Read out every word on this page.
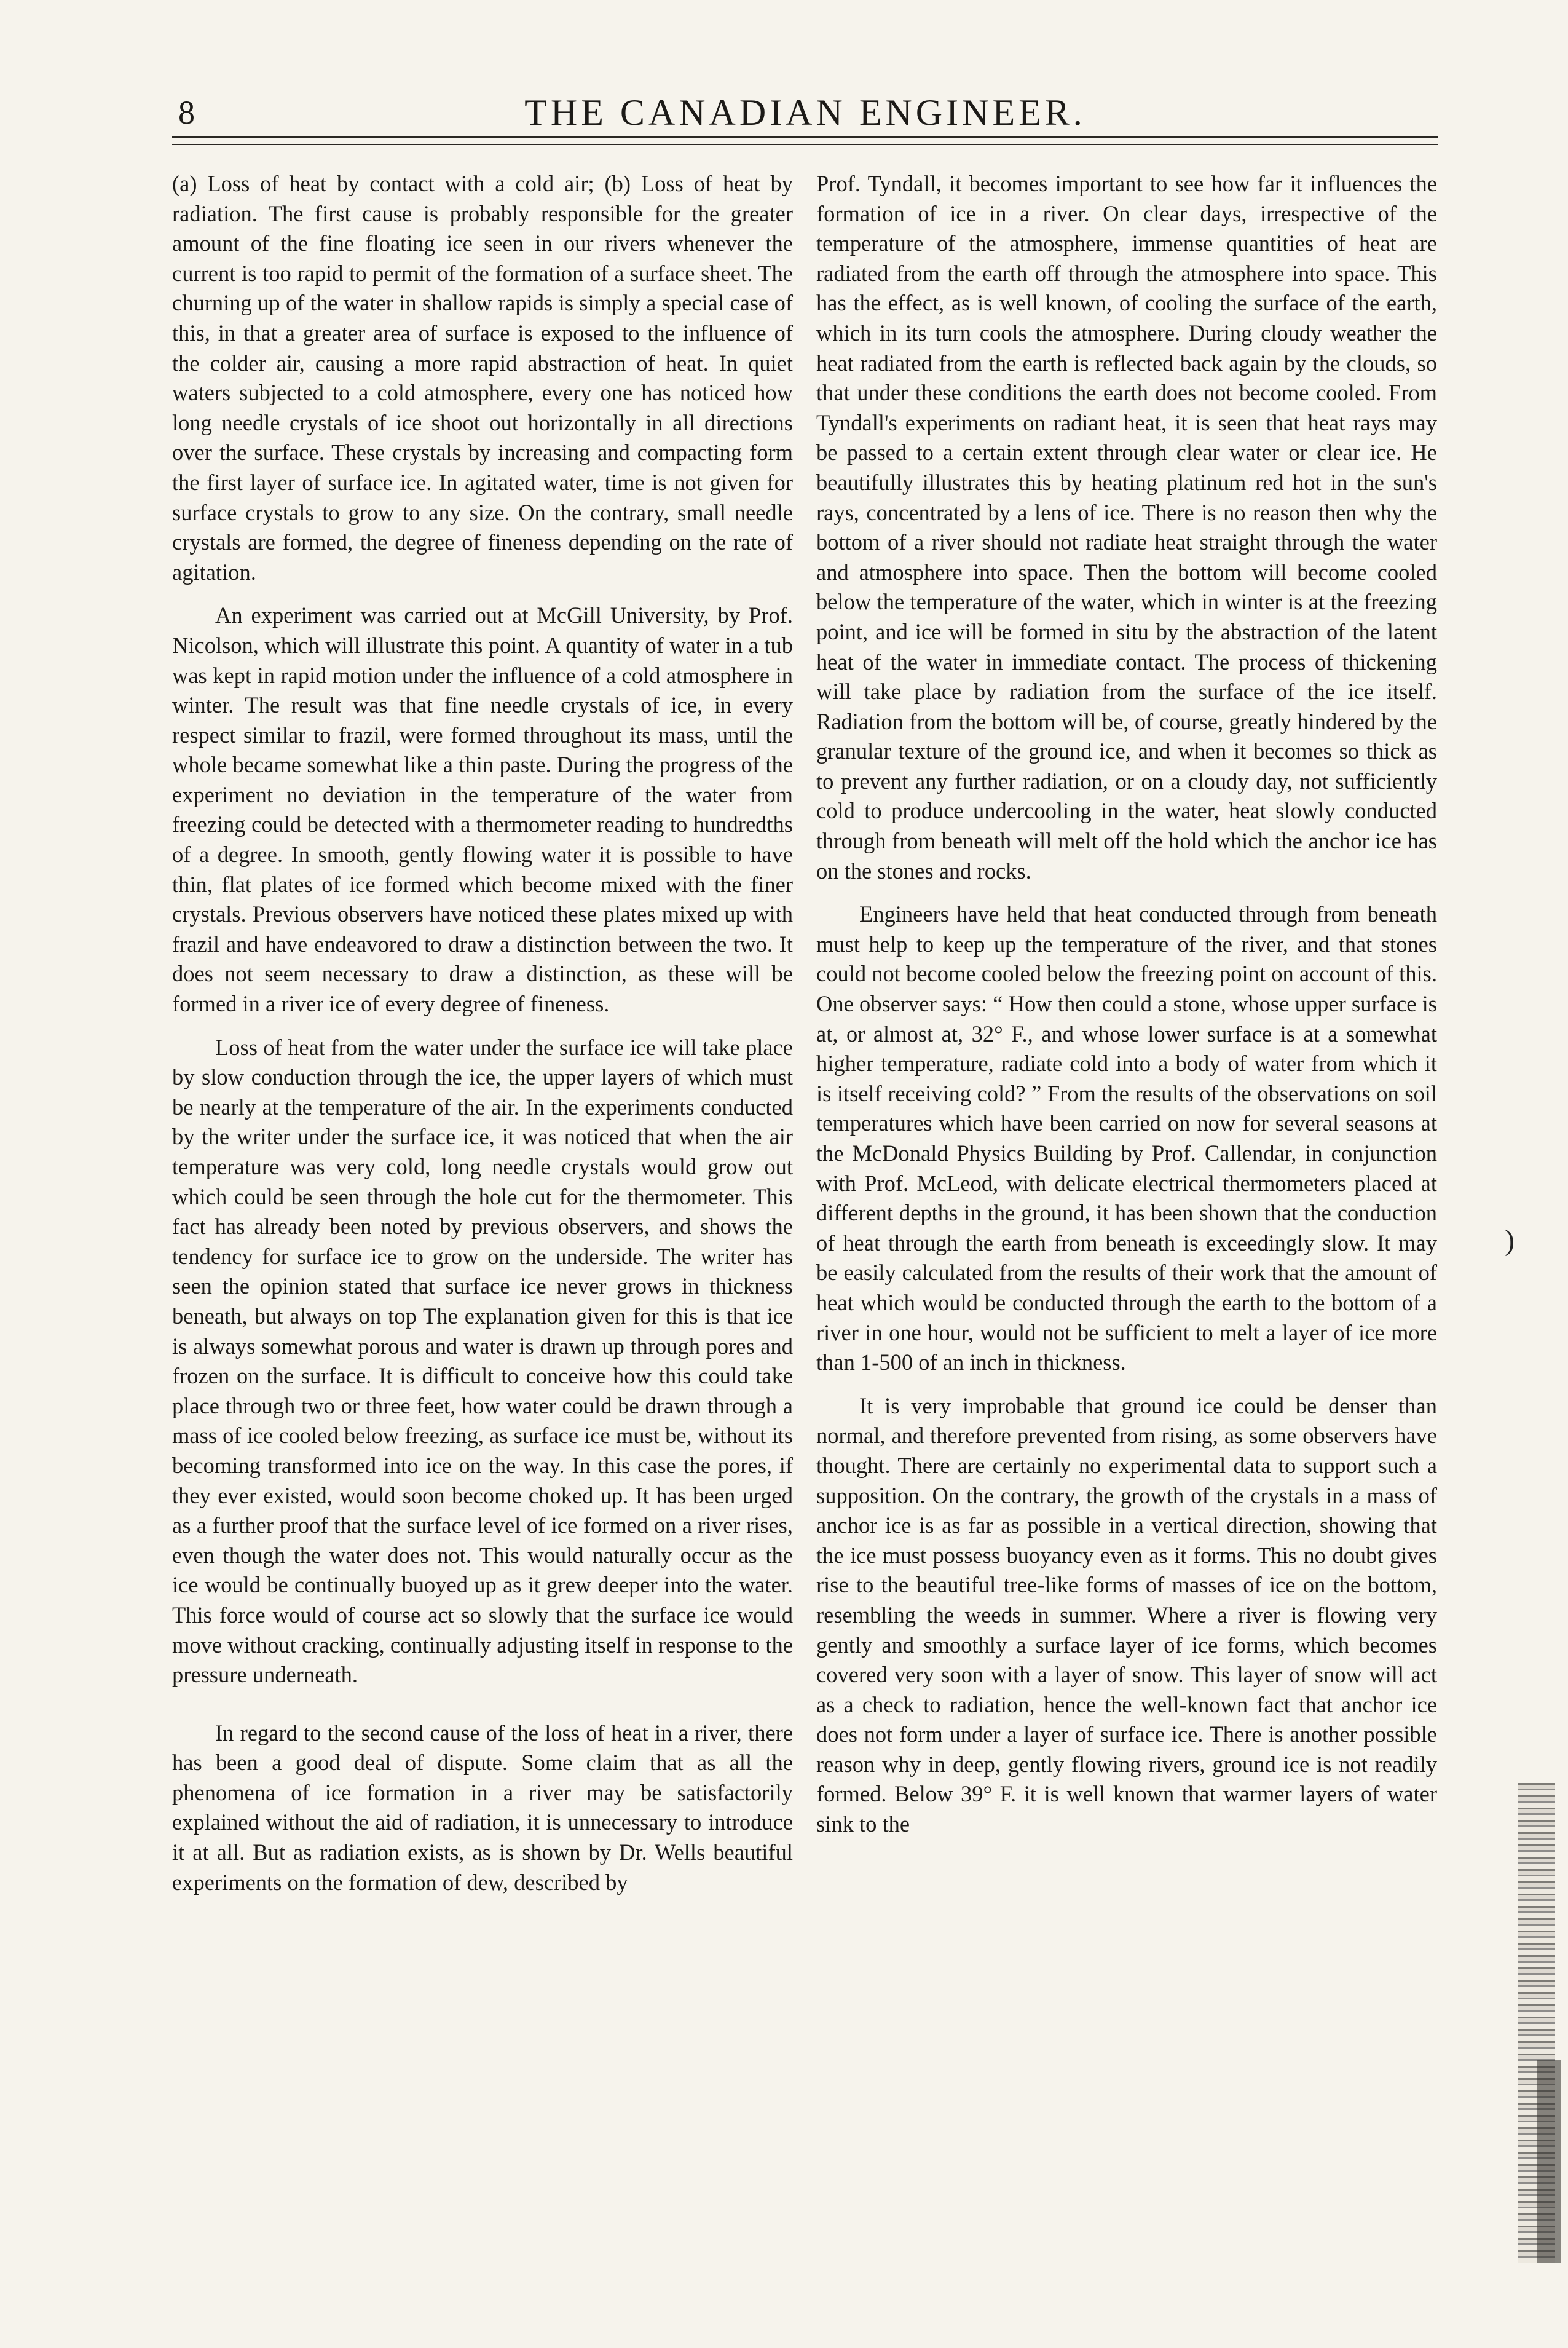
8	THE CANADIAN ENGINEER.

(a) Loss of heat by contact with a cold air; (b) Loss of heat by radiation. The first cause is probably responsible for the greater amount of the fine floating ice seen in our rivers whenever the current is too rapid to permit of the formation of a surface sheet. The churning up of the water in shallow rapids is simply a special case of this, in that a greater area of surface is exposed to the influence of the colder air, causing a more rapid abstraction of heat. In quiet waters subjected to a cold atmosphere, every one has noticed how long needle crystals of ice shoot out horizontally in all directions over the surface. These crystals by increasing and compacting form the first layer of surface ice. In agitated water, time is not given for surface crystals to grow to any size. On the contrary, small needle crystals are formed, the degree of fineness depending on the rate of agitation.

An experiment was carried out at McGill University, by Prof. Nicolson, which will illustrate this point. A quantity of water in a tub was kept in rapid motion under the influence of a cold atmosphere in winter. The result was that fine needle crystals of ice, in every respect similar to frazil, were formed throughout its mass, until the whole became somewhat like a thin paste. During the progress of the experiment no deviation in the temperature of the water from freezing could be detected with a thermometer reading to hundredths of a degree. In smooth, gently flowing water it is possible to have thin, flat plates of ice formed which become mixed with the finer crystals. Previous observers have noticed these plates mixed up with frazil and have endeavored to draw a distinction between the two. It does not seem necessary to draw a distinction, as these will be formed in a river ice of every degree of fineness.

Loss of heat from the water under the surface ice will take place by slow conduction through the ice, the upper layers of which must be nearly at the temperature of the air. In the experiments conducted by the writer under the surface ice, it was noticed that when the air temperature was very cold, long needle crystals would grow out which could be seen through the hole cut for the thermometer. This fact has already been noted by previous observers, and shows the tendency for surface ice to grow on the underside. The writer has seen the opinion stated that surface ice never grows in thickness beneath, but always on top The explanation given for this is that ice is always somewhat porous and water is drawn up through pores and frozen on the surface. It is difficult to conceive how this could take place through two or three feet, how water could be drawn through a mass of ice cooled below freezing, as surface ice must be, without its becoming transformed into ice on the way. In this case the pores, if they ever existed, would soon become choked up. It has been urged as a further proof that the surface level of ice formed on a river rises, even though the water does not. This would naturally occur as the ice would be continually buoyed up as it grew deeper into the water. This force would of course act so slowly that the surface ice would move without cracking, continually adjusting itself in response to the pressure underneath.

In regard to the second cause of the loss of heat in a river, there has been a good deal of dispute. Some claim that as all the phenomena of ice formation in a river may be satisfactorily explained without the aid of radiation, it is unnecessary to introduce it at all. But as radiation exists, as is shown by Dr. Wells beautiful experiments on the formation of dew, described by

Prof. Tyndall, it becomes important to see how far it influences the formation of ice in a river. On clear days, irrespective of the temperature of the atmosphere, immense quantities of heat are radiated from the earth off through the atmosphere into space. This has the effect, as is well known, of cooling the surface of the earth, which in its turn cools the atmosphere. During cloudy weather the heat radiated from the earth is reflected back again by the clouds, so that under these conditions the earth does not become cooled. From Tyndall's experiments on radiant heat, it is seen that heat rays may be passed to a certain extent through clear water or clear ice. He beautifully illustrates this by heating platinum red hot in the sun's rays, concentrated by a lens of ice. There is no reason then why the bottom of a river should not radiate heat straight through the water and atmosphere into space. Then the bottom will become cooled below the temperature of the water, which in winter is at the freezing point, and ice will be formed in situ by the abstraction of the latent heat of the water in immediate contact. The process of thickening will take place by radiation from the surface of the ice itself. Radiation from the bottom will be, of course, greatly hindered by the granular texture of the ground ice, and when it becomes so thick as to prevent any further radiation, or on a cloudy day, not sufficiently cold to produce undercooling in the water, heat slowly conducted through from beneath will melt off the hold which the anchor ice has on the stones and rocks.

Engineers have held that heat conducted through from beneath must help to keep up the temperature of the river, and that stones could not become cooled below the freezing point on account of this. One observer says: “ How then could a stone, whose upper surface is at, or almost at, 32° F., and whose lower surface is at a somewhat higher temperature, radiate cold into a body of water from which it is itself receiving cold? ” From the results of the observations on soil temperatures which have been carried on now for several seasons at the McDonald Physics Building by Prof. Callendar, in conjunction with Prof. McLeod, with delicate electrical thermometers placed at different depths in the ground, it has been shown that the conduction of heat through the earth from beneath is exceedingly slow. It may be easily calculated from the results of their work that the amount of heat which would be conducted through the earth to the bottom of a river in one hour, would not be sufficient to melt a layer of ice more than 1-500 of an inch in thickness.

It is very improbable that ground ice could be denser than normal, and therefore prevented from rising, as some observers have thought. There are certainly no experimental data to support such a supposition. On the contrary, the growth of the crystals in a mass of anchor ice is as far as possible in a vertical direction, showing that the ice must possess buoyancy even as it forms. This no doubt gives rise to the beautiful tree-like forms of masses of ice on the bottom, resembling the weeds in summer. Where a river is flowing very gently and smoothly a surface layer of ice forms, which becomes covered very soon with a layer of snow. This layer of snow will act as a check to radiation, hence the well-known fact that anchor ice does not form under a layer of surface ice. There is another possible reason why in deep, gently flowing rivers, ground ice is not readily formed. Below 39° F. it is well known that warmer layers of water sink to the

)
